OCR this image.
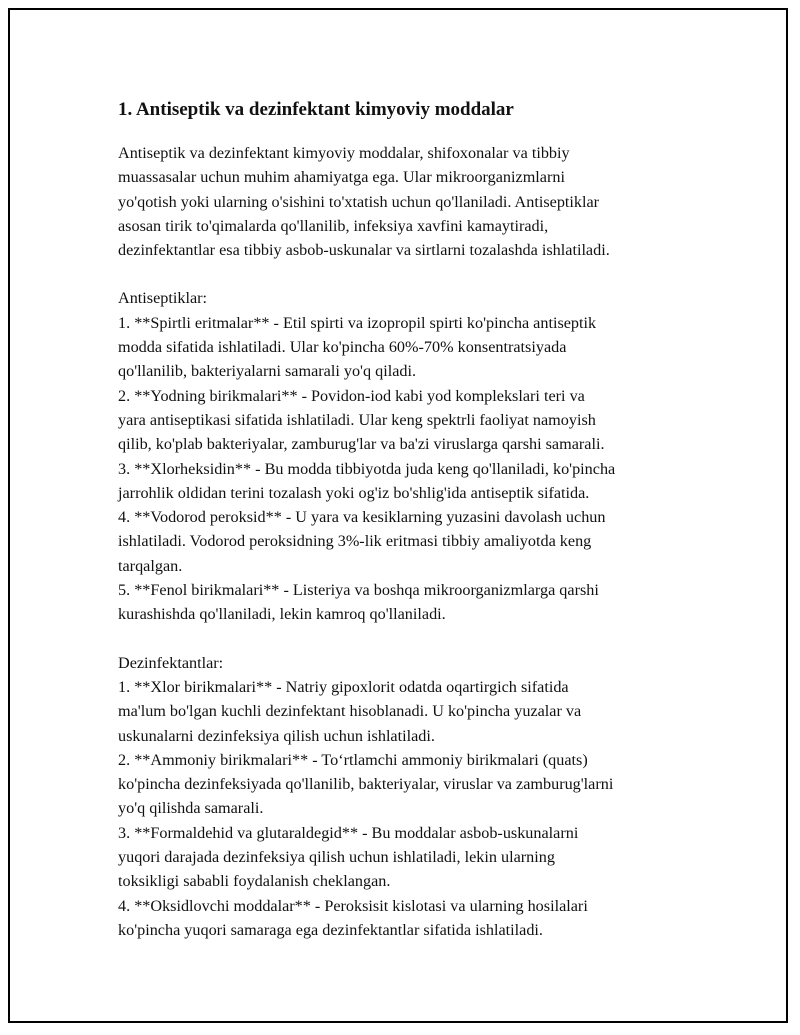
1. Antiseptik va dezinfektant kimyoviy moddalar

Antiseptik va dezinfektant kimyoviy moddalar, shifoxonalar va tibbiy
muassasalar uchun muhim ahamiyatga ega. Ular mikroorganizmlarni
yo'qotish yoki ularning o'sishini to'xtatish uchun qo'llaniladi. Antiseptiklar
asosan tirik to'qimalarda qo'llanilib, infeksiya xavfini kamaytiradi,
dezinfektantlar esa tibbiy asbob-uskunalar va sirtlarni tozalashda ishlatiladi.

Antiseptiklar:
1. **Spirtli eritmalar** - Etil spirti va izopropil spirti ko'pincha antiseptik
modda sifatida ishlatiladi. Ular ko'pincha 60%-70% konsentratsiyada
qo'llanilib, bakteriyalarni samarali yo'q qiladi.
2. **Yodning birikmalari** - Povidon-iod kabi yod komplekslari teri va
yara antiseptikasi sifatida ishlatiladi. Ular keng spektrli faoliyat namoyish
qilib, ko'plab bakteriyalar, zamburug'lar va ba'zi viruslarga qarshi samarali.
3. **Xlorheksidin** - Bu modda tibbiyotda juda keng qo'llaniladi, ko'pincha
jarrohlik oldidan terini tozalash yoki og'iz bo'shlig'ida antiseptik sifatida.
4. **Vodorod peroksid** - U yara va kesiklarning yuzasini davolash uchun
ishlatiladi. Vodorod peroksidning 3%-lik eritmasi tibbiy amaliyotda keng
tarqalgan.
5. **Fenol birikmalari** - Listeriya va boshqa mikroorganizmlarga qarshi
kurashishda qo'llaniladi, lekin kamroq qo'llaniladi.

Dezinfektantlar:
1. **Xlor birikmalari** - Natriy gipoxlorit odatda oqartirgich sifatida
ma'lum bo'lgan kuchli dezinfektant hisoblanadi. U ko'pincha yuzalar va
uskunalarni dezinfeksiya qilish uchun ishlatiladi.
2. **Ammoniy birikmalari** - To‘rtlamchi ammoniy birikmalari (quats)
ko'pincha dezinfeksiyada qo'llanilib, bakteriyalar, viruslar va zamburug'larni
yo'q qilishda samarali.
3. **Formaldehid va glutaraldegid** - Bu moddalar asbob-uskunalarni
yuqori darajada dezinfeksiya qilish uchun ishlatiladi, lekin ularning
toksikligi sababli foydalanish cheklangan.
4. **Oksidlovchi moddalar** - Peroksisit kislotasi va ularning hosilalari
ko'pincha yuqori samaraga ega dezinfektantlar sifatida ishlatiladi.
